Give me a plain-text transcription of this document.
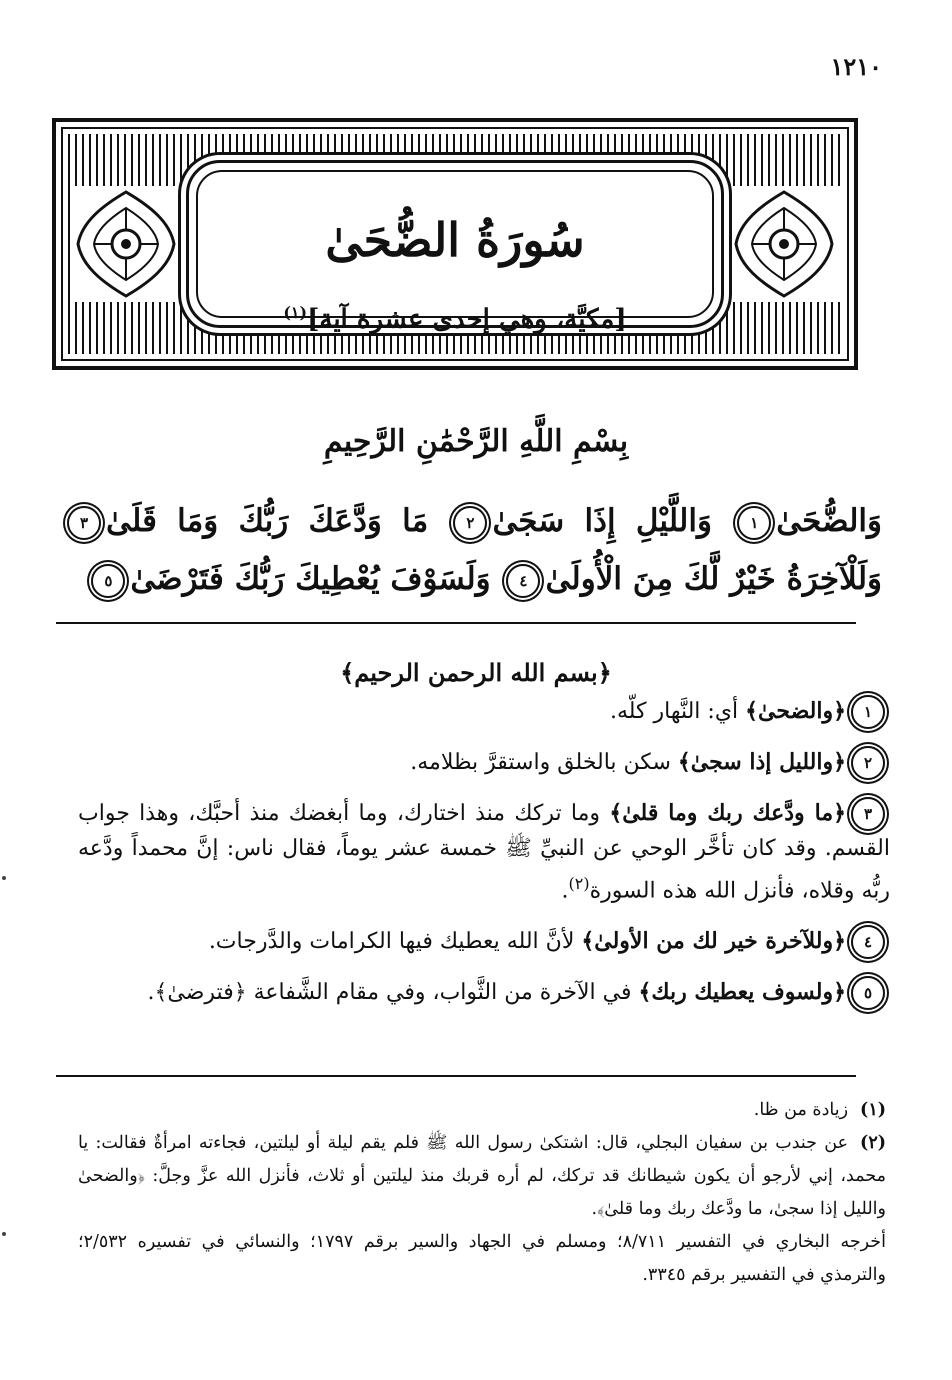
١٢١٠
سُورَةُ الضُّحَىٰ
[مكيَّة، وهي إحدى عشرة آية]$^{(١)}$
بِسْمِ اللَّهِ الرَّحْمَٰنِ الرَّحِيمِ
وَالضُّحَىٰ١ وَاللَّيْلِ إِذَا سَجَىٰ٢ مَا وَدَّعَكَ رَبُّكَ وَمَا قَلَىٰ٣ وَلَلْآخِرَةُ خَيْرٌ لَّكَ مِنَ الْأُولَىٰ٤ وَلَسَوْفَ يُعْطِيكَ رَبُّكَ فَتَرْضَىٰ٥
﴿بسم الله الرحمن الرحيم﴾
١﴿والضحىٰ﴾ أي: النَّهار كلّه.
٢﴿والليل إذا سجىٰ﴾ سكن بالخلق واستقرَّ بظلامه.
٣﴿ما ودَّعك ربك وما قلىٰ﴾ وما تركك منذ اختارك، وما أبغضك منذ أحبَّك، وهذا جواب القسم. وقد كان تأخَّر الوحي عن النبيِّ ﷺ خمسة عشر يوماً، فقال ناس: إنَّ محمداً ودَّعه ربُّه وقلاه، فأنزل الله هذه السورة$^{(٢)}$.
٤﴿وللآخرة خير لك من الأولىٰ﴾ لأنَّ الله يعطيك فيها الكرامات والدَّرجات.
٥﴿ولسوف يعطيك ربك﴾ في الآخرة من الثَّواب، وفي مقام الشَّفاعة ﴿فترضىٰ﴾.

(١)زيادة من ظا.

(٢)عن جندب بن سفيان البجلي، قال: اشتكىٰ رسول الله ﷺ فلم يقم ليلة أو ليلتين، فجاءته امرأةٌ فقالت: يا محمد، إني لأرجو أن يكون شيطانك قد تركك، لم أره قربك منذ ليلتين أو ثلاث، فأنزل الله عزَّ وجلَّ: ﴿والضحىٰ والليل إذا سجىٰ، ما ودَّعك ربك وما قلىٰ﴾.

أخرجه البخاري في التفسير ٨/٧١١؛ ومسلم في الجهاد والسير برقم ١٧٩٧؛ والنسائي في تفسيره ٢/٥٣٢؛ والترمذي في التفسير برقم ٣٣٤٥.
